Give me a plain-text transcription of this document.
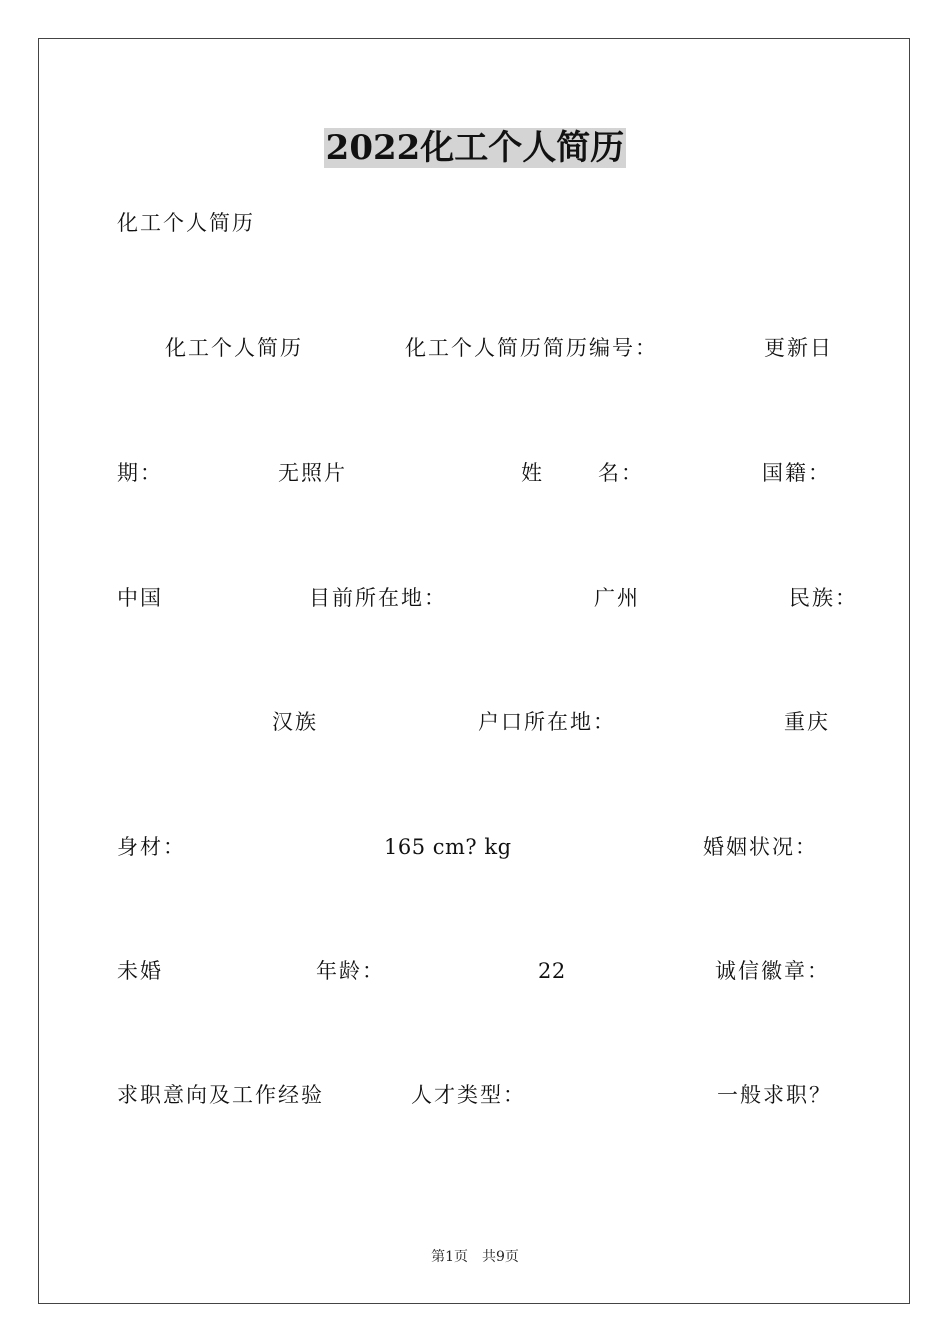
2022化工个人简历
化工个人简历
化工个人简历	化工个人简历简历编号：	更新日
期：	无照片	姓	名：	国籍：
中国	目前所在地：	广州	民族：
汉族	户口所在地：	重庆
身材：	165 cm? kg	婚姻状况：
未婚	年龄：	22	诚信徽章：
求职意向及工作经验	人才类型：	一般求职？
第1页　共9页
